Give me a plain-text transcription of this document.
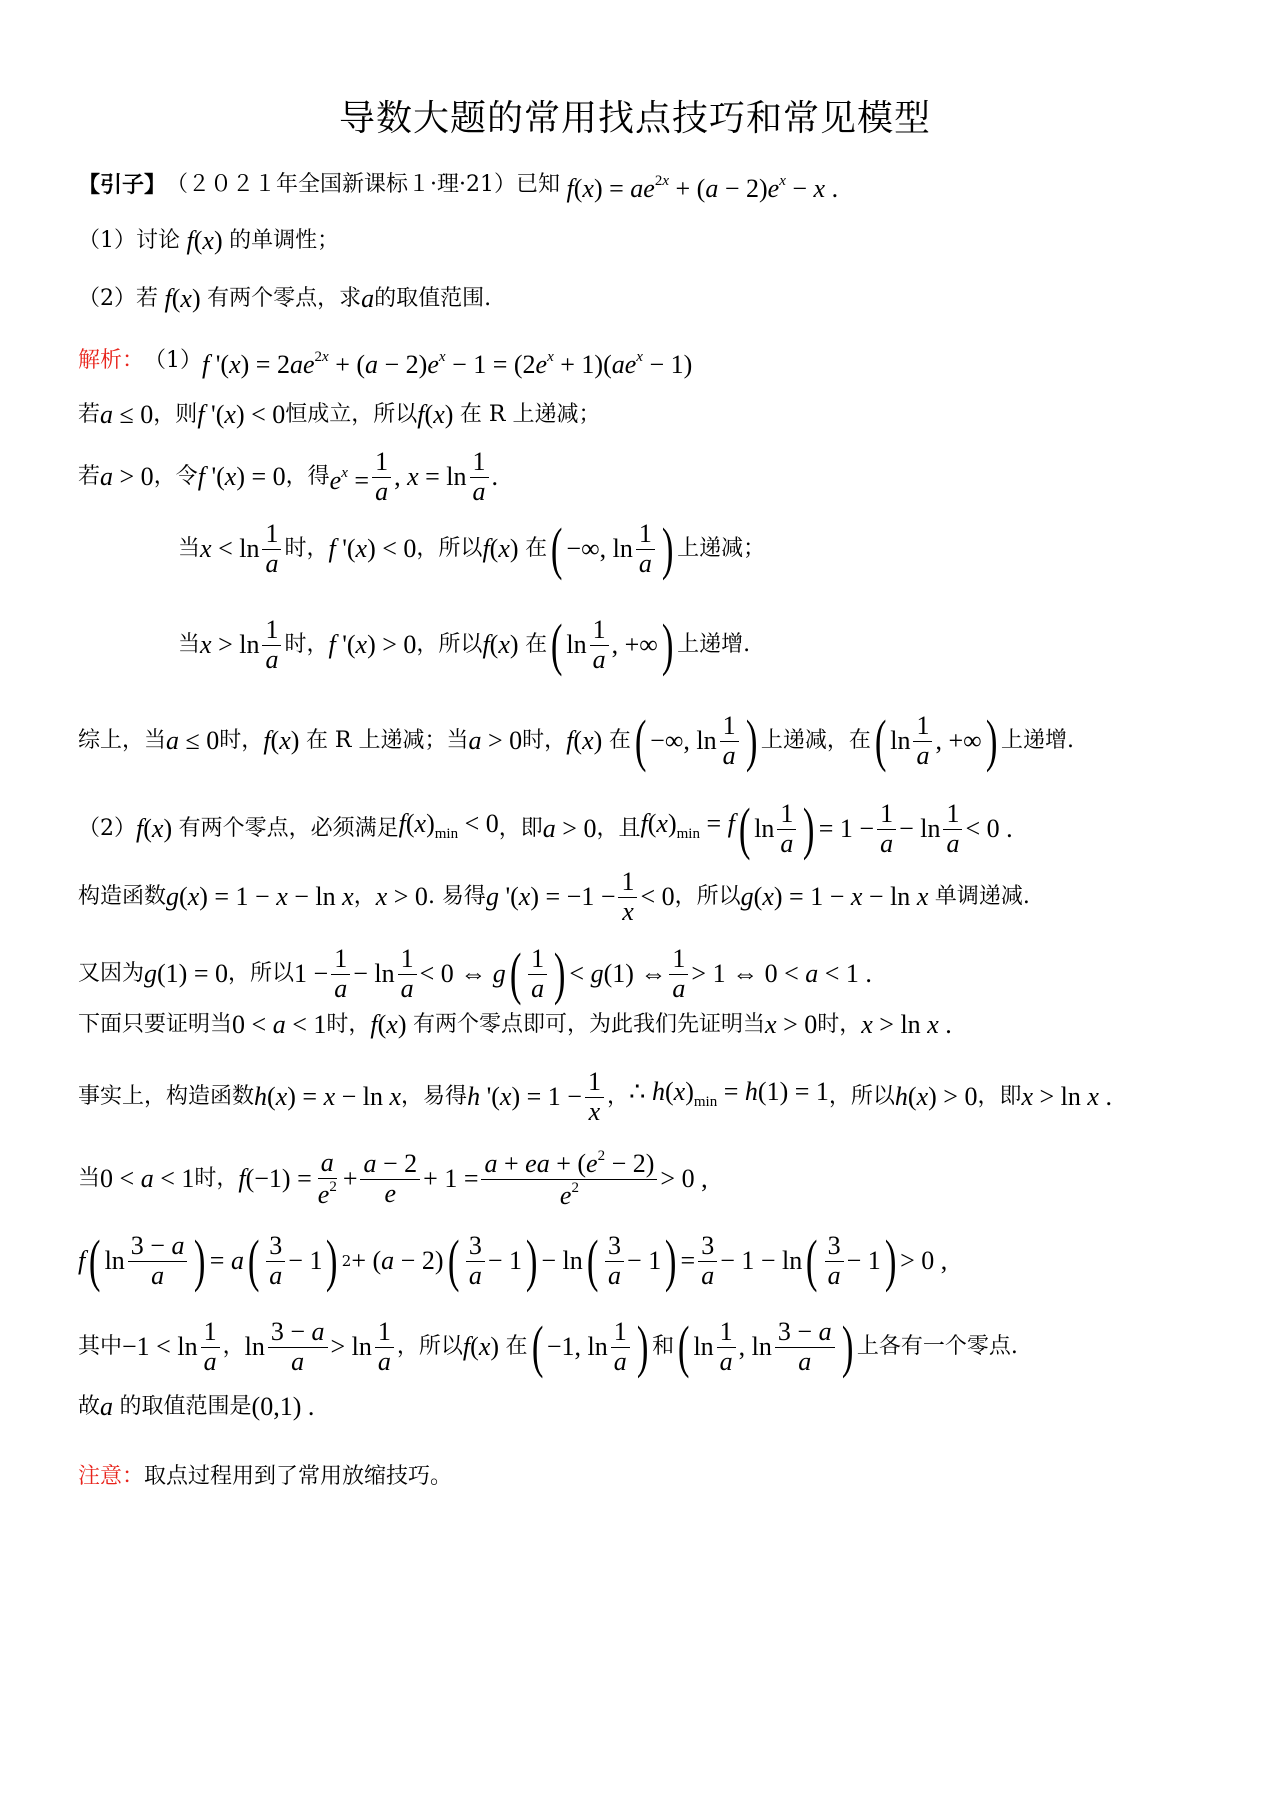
导数大题的常用找点技巧和常见模型
【引子】 （２０２１年全国新课标１·理·21）已知 $f(x) = ae^{2x} + (a - 2)e^x - x$ .
（1）讨论 f(x) 的单调性；
（2）若 f(x) 有两个零点，求 a 的取值范围.
解析： （1） f '$(x) = 2ae^{2x} + (a - 2)e^x - 1 = (2e^x + 1)(ae^x - 1)$
若 a ≤ 0 ，则 f '(x) < 0 恒成立，所以 f(x) 在 R 上递减；
若 a > 0 ，令 f '(x) = 0 ，得 $e^x = \frac{1}{a}$ , x = ln
1
a .
当 x < ln
1
a 时， f '(x) < 0 ，所以 f(x) 在 ( −∞, ln
1
a ) 上递减；
当 x > ln
1
a 时， f '(x) > 0 ，所以 f(x) 在 ( ln
1
a , +∞ ) 上递增.
综上，当 a ≤ 0 时， f(x) 在 R 上递减；当 a > 0 时， f(x) 在 ( −∞, ln
1
a ) 上递减，在 ( ln
1
a , +∞ ) 上递增.
（2） f(x) 有两个零点，必须满足 $f(x)_{min} < 0$ ，即 a > 0 ，且 $f(x)_{min} = f$ ( ln
1
a ) = $1 - \frac{1}{a} - \ln$
1
a < 0 .
构造函数 g(x) = 1 − x − ln x ， x > 0 . 易得 g '$(x) = -1 - \frac{1}{x} < 0$ ，所以 g(x) = 1 − x − ln x 单调递减.
又因为 g(1) = 0 ，所以 $1 - \frac{1}{a} - \ln$
1
a < 0 ⇔ g ( 1
a ) < g(1) ⇔
1
a > 1 ⇔ 0 < a < 1 .
下面只要证明当 0 < a < 1 时， f(x) 有两个零点即可，为此我们先证明当 x > 0 时， x > ln x .
事实上，构造函数 h(x) = x − ln x ，易得 h '$(x) = 1 - \frac{1}{x}$ ， ∴ $h(x)_{min} = h(1) = 1$ ，所以 h(x) > 0 ，即 x > ln x .
当 0 < a < 1 时， $f(-1) = \frac{a}{e^2} + \frac{a - 2}{e} + 1 = \frac{a + ea + (e^2 - 2)}{e^2} > 0$ ,
f ( ln
3 − a
a ) = a ( 3
a − 1 ) 2 + (a − 2) ( 3
a − 1 ) − ln ( 3
a − 1 ) = $\frac{3}{a} - 1 - \ln$ ( 3
a − 1 ) > 0 ,
其中 −1 < ln
1
a ， ln
3 − a
a > ln
1
a ，所以 f(x) 在 ( −1, ln
1
a ) 和 ( ln
1
a , ln
3 − a
a ) 上各有一个零点.
故 a 的取值范围是 (0,1) .
注意： 取点过程用到了常用放缩技巧。
